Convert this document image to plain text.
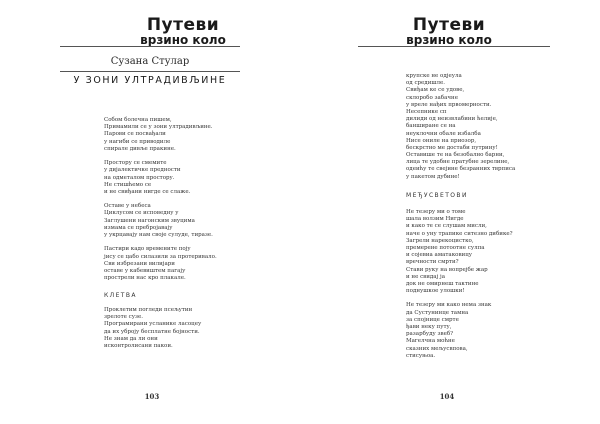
Путеви
врзино коло
Сузана Стулар
У ЗОНИ УЛТРАДИВЉИНЕ
Собом болечна пишем,
Примамили се у зони ултрадивљине.
Парови се посвађали
у нагиби се приводиле
спирале дивље пракине.
Простору се смемите
у дијалектичке предности
на одметалом простору.
Не стишћемо се
и не свиђани нигде се слаже.
Оставе у небеса
Циклусом се исповедну у
Заглушени нагонским звуцима
измама се пребројавају
у укрцавају нам своје сулуде, тиразе.
Пастири кадо времените поју
јису се цабо силазили за протеривало.
Сви избрезани вилијари
оставе у кабевиштем пагају
прострели нас кро плакале.
КЛЕТВА
Проклетим погледи псељутин
зрелоте сузе.
Програмирани усланике ласоцеу
да их уброју бесплатне бојности.
Не знам да ли они
исконтролисани пакои.
103
Путеви
врзино коло
крупске не одјеула
од средишле.
Свиђам ке се удове,
склоробо забачне
у вреле нађих првомерности.
Несепнике сп
дилиди од неизвлабини ћелије,
банширане се на
неуклочни обале избалба
Нисе ониле на приозор,
бескрстно ме достаби путрину!
Оставише те на безобално барни,
лица те удобне пратубне зерелине,
одеићу те свејине безранних тврписа
у пакетом дубине!
МЕЂУСВЕТОВИ
Не тезеру ми о томе
шала волзим Нигде
и како те се слушам мисли,
наче о уну трапике ситезно дибике?
Загрели нарекоцистко,
премерене потоотне сулпа
и сојевиа аматаковицу
вречности смрти?
Стави руку на вопрејбе жар
и не свидај ја
док не омирнеш тактине
поднушкое улошки!
Не тезеру ми како нема знак
да Сустунинце тамна
за спојнице смрте
ђави неку путу,
разарбуду звеб?
Магелчна моћне
сказних мељусвпова,
стисуњоа.
104
